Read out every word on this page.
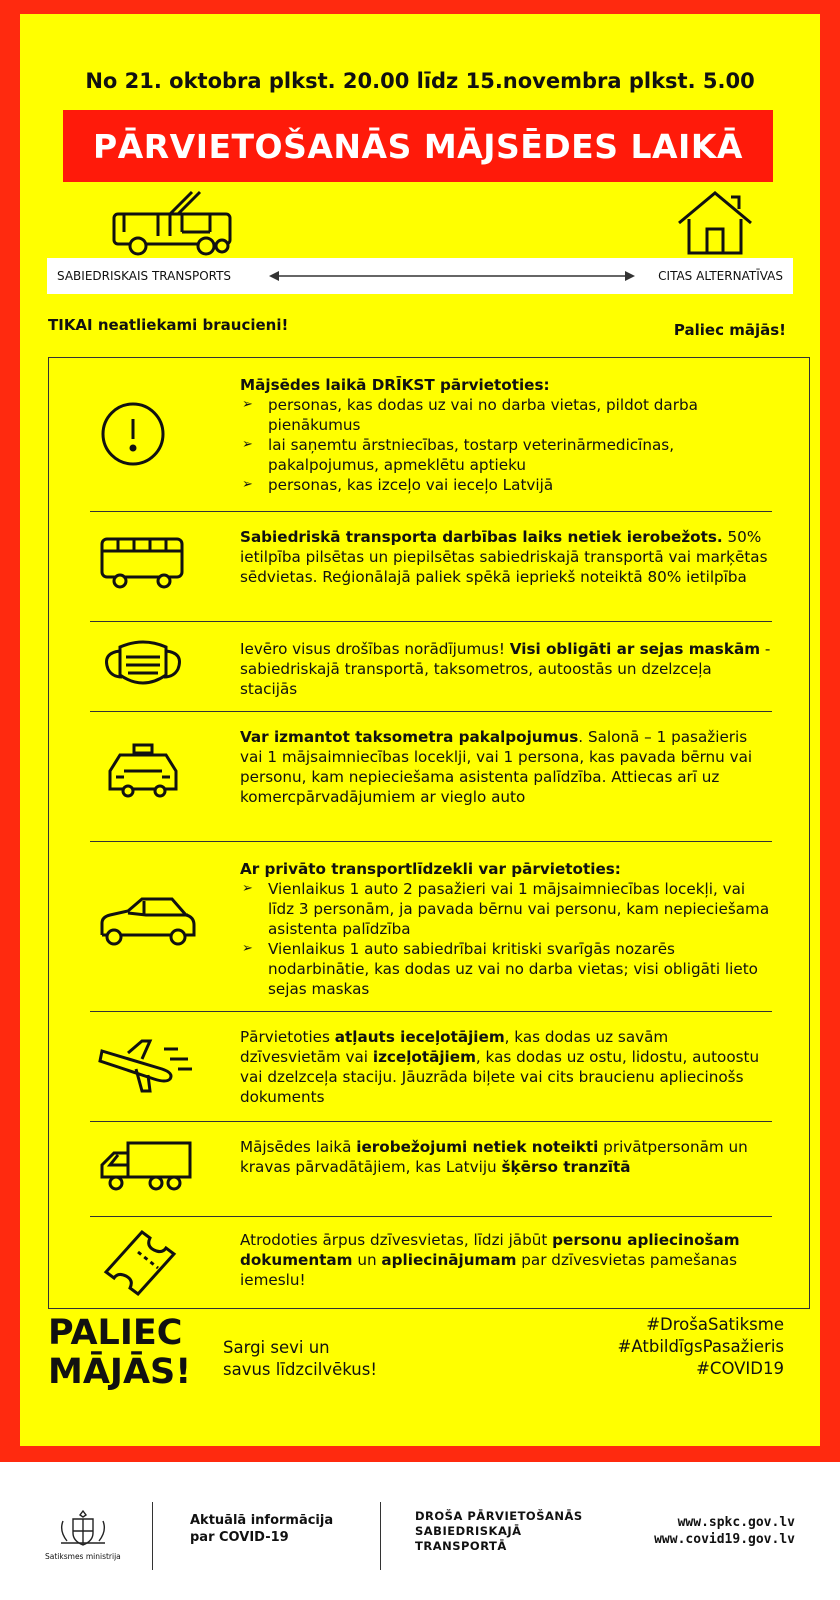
No 21. oktobra plkst. 20.00 līdz 15.novembra plkst. 5.00
PĀRVIETOŠANĀS MĀJSĒDES LAIKĀ
SABIEDRISKAIS TRANSPORTS	CITAS ALTERNATĪVAS
TIKAI neatliekami braucieni!	Paliec mājās!
Mājsēdes laikā DRĪKST pārvietoties:
➢ personas, kas dodas uz vai no darba vietas, pildot darba pienākumus
➢ lai saņemtu ārstniecības, tostarp veterinārmedicīnas, pakalpojumus, apmeklētu aptieku
➢ personas, kas izceļo vai ieceļo Latvijā
Sabiedriskā transporta darbības laiks netiek ierobežots. 50% ietilpība pilsētas un piepilsētas sabiedriskajā transportā vai marķētas sēdvietas. Reģionālajā paliek spēkā iepriekš noteiktā 80% ietilpība
Ievēro visus drošības norādījumus! Visi obligāti ar sejas maskām - sabiedriskajā transportā, taksometros, autoostās un dzelzceļa stacijās
Var izmantot taksometra pakalpojumus. Salonā – 1 pasažieris vai 1 mājsaimniecības loceklji, vai 1 persona, kas pavada bērnu vai personu, kam nepieciešama asistenta palīdzība. Attiecas arī uz komercpārvadājumiem ar vieglo auto
Ar privāto transportlīdzekli var pārvietoties:
➢ Vienlaikus 1 auto 2 pasažieri vai 1 mājsaimniecības locekļi, vai līdz 3 personām, ja pavada bērnu vai personu, kam nepieciešama asistenta palīdzība
➢ Vienlaikus 1 auto sabiedrībai kritiski svarīgās nozarēs nodarbinātie, kas dodas uz vai no darba vietas; visi obligāti lieto sejas maskas
Pārvietoties atļauts ieceļotājiem, kas dodas uz savām dzīvesvietām vai izceļotājiem, kas dodas uz ostu, lidostu, autoostu vai dzelzceļa staciju. Jāuzrāda biļete vai cits braucienu apliecinošs dokuments
Mājsēdes laikā ierobežojumi netiek noteikti privātpersonām un kravas pārvadātājiem, kas Latviju šķērso tranzītā
Atrodoties ārpus dzīvesvietas, līdzi jābūt personu apliecinošam dokumentam un apliecinājumam par dzīvesvietas pamešanas iemeslu!
PALIEC
MĀJĀS!
Sargi sevi un
savus līdzcilvēkus!
#DrošaSatiksme
#AtbildīgsPasažieris
#COVID19
Satiksmes ministrija
Aktuālā informācija
par COVID-19
DROŠA PĀRVIETOŠANĀS
SABIEDRISKAJĀ
TRANSPORTĀ
www.spkc.gov.lv
www.covid19.gov.lv
